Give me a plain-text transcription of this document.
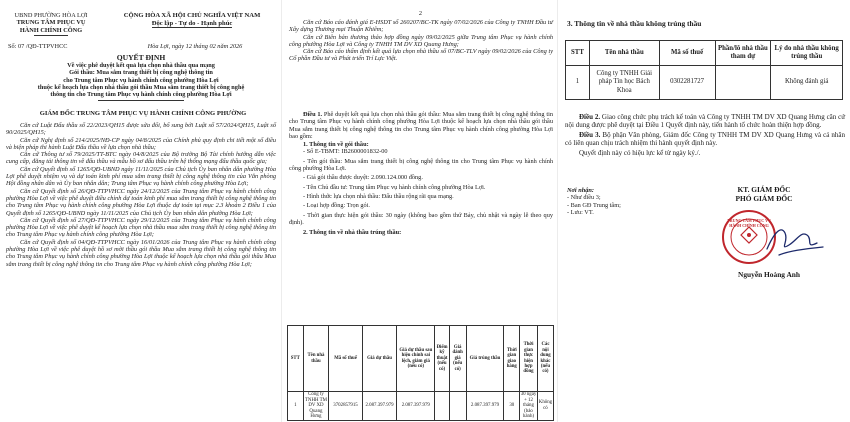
UBND PHƯỜNG HÒA LỢI
TRUNG TÂM PHỤC VỤ
HÀNH CHÍNH CÔNG
CỘNG HÒA XÃ HỘI CHỦ NGHĨA VIỆT NAM
Độc lập - Tự do - Hạnh phúc
Số: 07 /QĐ-TTPVHCC	Hòa Lợi, ngày 12 tháng 02 năm 2026
QUYẾT ĐỊNH
Về việc phê duyệt kết quả lựa chọn nhà thầu qua mạng
Gói thầu: Mua sắm trang thiết bị công nghệ thông tin
cho Trung tâm Phục vụ hành chính công phường Hòa Lợi
thuộc kế hoạch lựa chọn nhà thầu gói thầu Mua sắm trang thiết bị công nghệ
thông tin cho Trung tâm Phục vụ hành chính công phường Hòa Lợi
GIÁM ĐỐC TRUNG TÂM PHỤC VỤ HÀNH CHÍNH CÔNG PHƯỜNG
Căn cứ Luật Đấu thầu số 22/2023/QH15 được sửa đổi, bổ sung bởi Luật số 57/2024/QH15, Luật số 90/2025/QH15;
Căn cứ Nghị định số 214/2025/NĐ-CP ngày 04/8/2025 của Chính phủ quy định chi tiết một số điều và biện pháp thi hành Luật Đấu thầu về lựa chọn nhà thầu;
Căn cứ Thông tư số 79/2025/TT-BTC ngày 04/8/2025 của Bộ trưởng Bộ Tài chính hướng dẫn việc cung cấp, đăng tải thông tin về đấu thầu và mẫu hồ sơ đấu thầu trên hệ thống mạng đấu thầu quốc gia;
Căn cứ Quyết định số 1265/QĐ-UBND ngày 11/11/2025 của Chủ tịch Ủy ban nhân dân phường Hòa Lợi phê duyệt nhiệm vụ và dự toán kinh phí mua sắm trang thiết bị công nghệ thông tin của Văn phòng Hội đồng nhân dân và Ủy ban nhân dân; Trung tâm Phục vụ hành chính công phường Hòa Lợi;
Căn cứ Quyết định số 26/QĐ-TTPVHCC ngày 24/12/2025 của Trung tâm Phục vụ hành chính công phường Hòa Lợi về việc phê duyệt điều chỉnh dự toán kinh phí mua sắm trang thiết bị công nghệ thông tin cho Trung tâm Phục vụ hành chính công phường Hòa Lợi thuộc dự toán tại mục 2.3 khoản 2 Điều 1 của Quyết định số 1265/QĐ-UBND ngày 11/11/2025 của Chủ tịch Ủy ban nhân dân phường Hòa Lợi;
Căn cứ Quyết định số 27/QĐ-TTPVHCC ngày 29/12/2025 của Trung tâm Phục vụ hành chính công phường Hòa Lợi về việc phê duyệt kế hoạch lựa chọn nhà thầu mua sắm trang thiết bị công nghệ thông tin cho Trung tâm Phục vụ hành chính công phường Hòa Lợi;
Căn cứ Quyết định số 04/QĐ-TTPVHCC ngày 16/01/2026 của Trung tâm Phục vụ hành chính công phường Hòa Lợi về việc phê duyệt hồ sơ mời thầu gói thầu Mua sắm trang thiết bị công nghệ thông tin cho Trung tâm Phục vụ hành chính công phường Hòa Lợi thuộc kế hoạch lựa chọn nhà thầu gói thầu Mua sắm trang thiết bị công nghệ thông tin cho Trung tâm Phục vụ hành chính công phường Hòa Lợi;
2
Căn cứ Báo cáo đánh giá E-HSDT số 260207/BC-TK ngày 07/02/2026 của Công ty TNHH Đầu tư Xây dựng Thương mại Thuận Khiêm;
Căn cứ Biên bản thương thảo hợp đồng ngày 09/02/2025 giữa Trung tâm Phục vụ hành chính công phường Hòa Lợi và Công ty TNHH TM DV XD Quang Hưng;
Căn cứ Báo cáo thẩm định kết quả lựa chọn nhà thầu số 07/BC-TLV ngày 09/02/2026 của Công ty Cổ phần Đầu tư và Phát triển Trí Lực Việt.
Điều 1. Phê duyệt kết quả lựa chọn nhà thầu gói thầu: Mua sắm trang thiết bị công nghệ thông tin cho Trung tâm Phục vụ hành chính công phường Hòa Lợi thuộc kế hoạch lựa chọn nhà thầu gói thầu Mua sắm trang thiết bị công nghệ thông tin cho Trung tâm Phục vụ hành chính công phường Hòa Lợi bao gồm:
1. Thông tin về gói thầu:
- Số E-TBMT: IB2600001832-00
- Tên gói thầu: Mua sắm trang thiết bị công nghệ thông tin cho Trung tâm Phục vụ hành chính công phường Hòa Lợi.
- Giá gói thầu được duyệt: 2.090.124.000 đồng.
- Tên Chủ đầu tư: Trung tâm Phục vụ hành chính công phường Hòa Lợi.
- Hình thức lựa chọn nhà thầu: Đấu thầu rộng rãi qua mạng.
- Loại hợp đồng: Trọn gói.
- Thời gian thực hiện gói thầu: 30 ngày (không bao gồm thứ Bảy, chủ nhật và ngày lễ theo quy định).
2. Thông tin về nhà thầu trúng thầu:
STT	Tên nhà thầu	Mã số thuế	Giá dự thầu	Giá dự thầu sau hiệu chỉnh sai lệch, giảm giá (nếu có)	Điểm kỹ thuật (nếu có)	Giá đánh giá (nếu có)	Giá trúng thầu	Thời gian giao hàng	Thời gian thực hiện hợp đồng	Các nội dung khác (nếu có)
1	Công ty TNHH TM DV XD Quang Hưng	3702857915	2.087.397.979	2.087.397.979			2.087.397.979	30	30 ngày + 12 tháng (bảo hành)	Không có
3. Thông tin về nhà thầu không trúng thầu
STT	Tên nhà thầu	Mã số thuế	Phần/lô nhà thầu tham dự	Lý do nhà thầu không trúng thầu
1	Công ty TNHH Giải pháp Tin học Bách Khoa	0302281727		Không đánh giá
Điều 2. Giao công chức phụ trách kế toán và Công ty TNHH TM DV XD Quang Hưng căn cứ nội dung được phê duyệt tại Điều 1 Quyết định này, tiến hành tổ chức hoàn thiện hợp đồng.
Điều 3. Bộ phận Văn phòng, Giám đốc Công ty TNHH TM DV XD Quang Hưng và cá nhân có liên quan chịu trách nhiệm thi hành quyết định này.
Quyết định này có hiệu lực kể từ ngày ký./.
Nơi nhận:
- Như điều 3;
- Ban GĐ Trung tâm;
- Lưu: VT.
KT. GIÁM ĐỐC
PHÓ GIÁM ĐỐC
TRUNG TÂM PHỤC VỤ HÀNH CHÍNH CÔNG
Nguyễn Hoàng Anh
